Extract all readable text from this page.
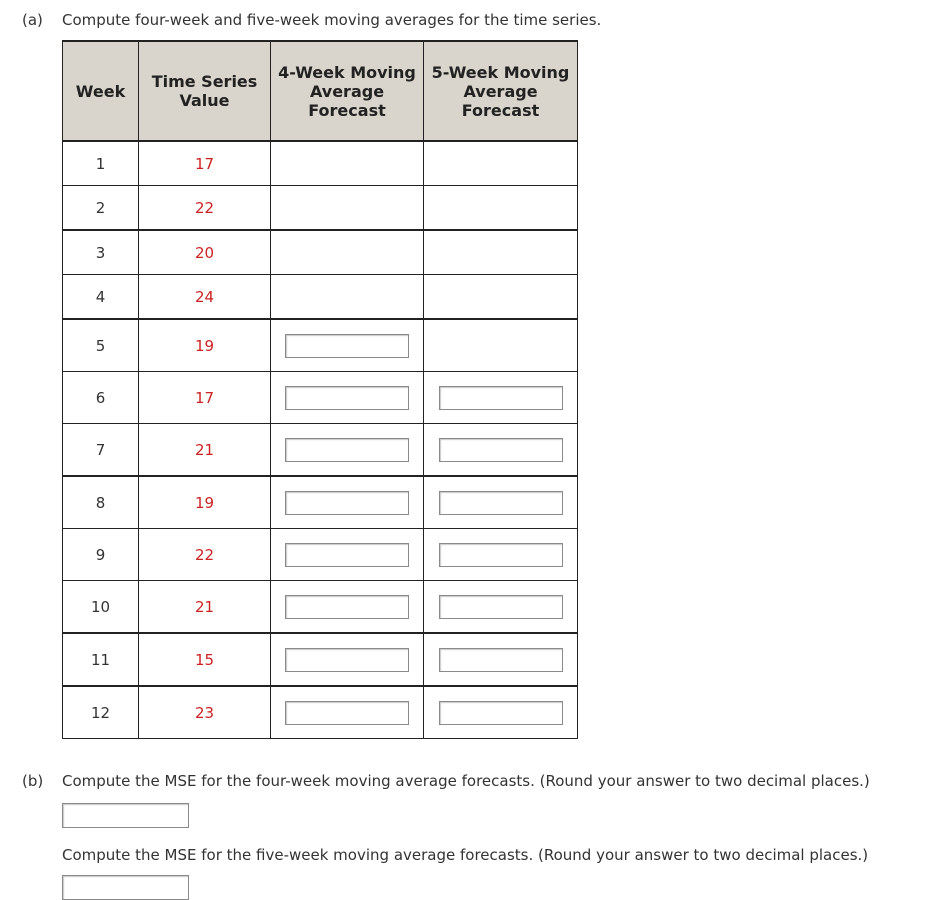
(a) Compute four-week and five-week moving averages for the time series.
Week	Time Series Value	4-Week Moving Average Forecast	5-Week Moving Average Forecast
1	17		
2	22		
3	20		
4	24		
5	19		
6	17		
7	21		
8	19		
9	22		
10	21		
11	15		
12	23		
(b) Compute the MSE for the four-week moving average forecasts. (Round your answer to two decimal places.)
Compute the MSE for the five-week moving average forecasts. (Round your answer to two decimal places.)
